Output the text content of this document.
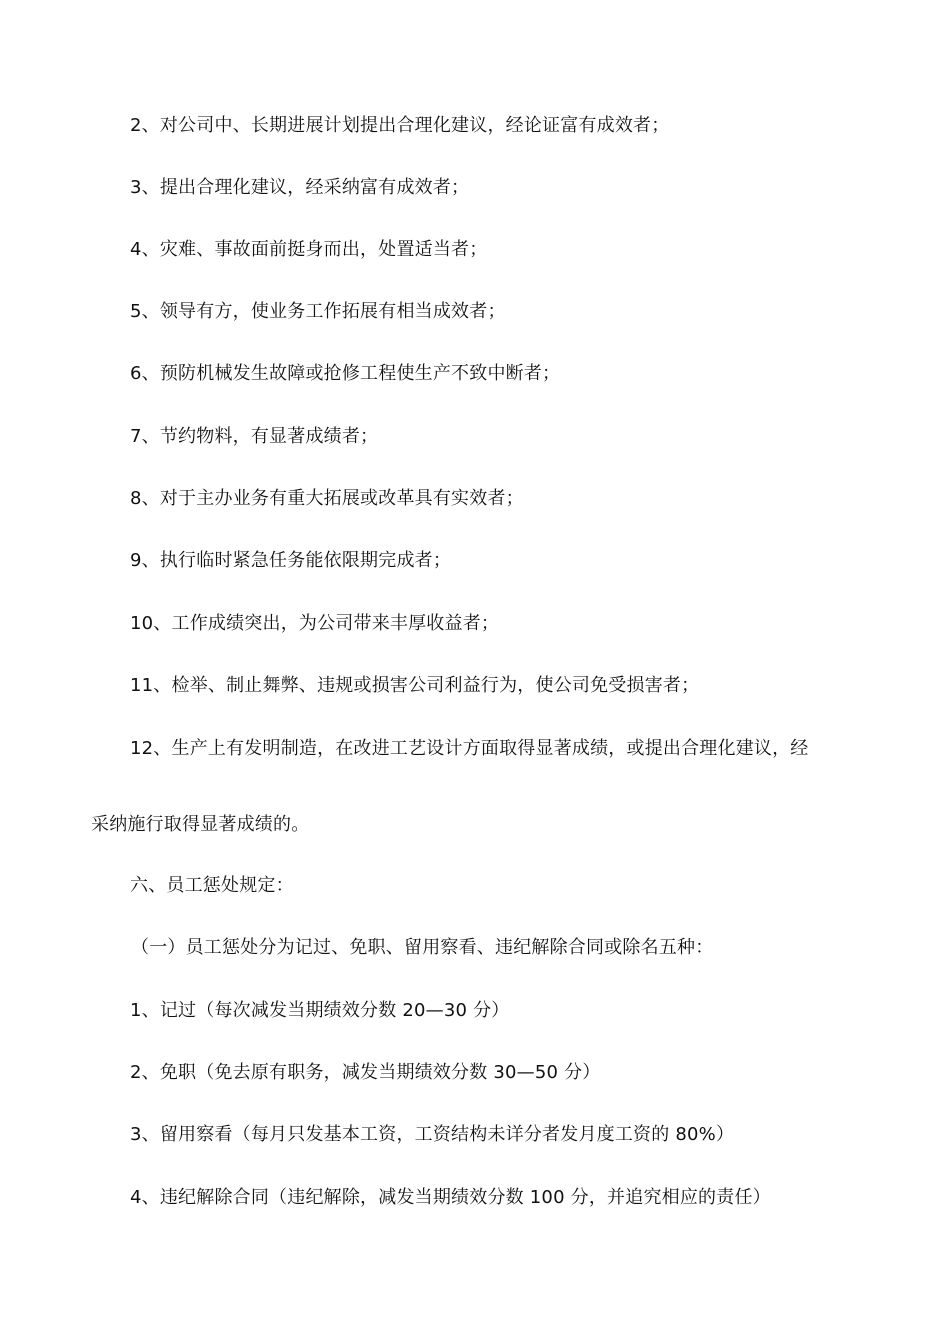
2、对公司中、长期进展计划提出合理化建议，经论证富有成效者；
3、提出合理化建议，经采纳富有成效者；
4、灾难、事故面前挺身而出，处置适当者；
5、领导有方，使业务工作拓展有相当成效者；
6、预防机械发生故障或抢修工程使生产不致中断者；
7、节约物料，有显著成绩者；
8、对于主办业务有重大拓展或改革具有实效者；
9、执行临时紧急任务能依限期完成者；
10、工作成绩突出，为公司带来丰厚收益者；
11、检举、制止舞弊、违规或损害公司利益行为，使公司免受损害者；
12、生产上有发明制造，在改进工艺设计方面取得显著成绩，或提出合理化建议，经
采纳施行取得显著成绩的。
六、员工惩处规定：
（一）员工惩处分为记过、免职、留用察看、违纪解除合同或除名五种：
1、记过（每次减发当期绩效分数 20—30 分）
2、免职（免去原有职务，减发当期绩效分数 30—50 分）
3、留用察看（每月只发基本工资，工资结构未详分者发月度工资的 80%）
4、违纪解除合同（违纪解除，减发当期绩效分数 100 分，并追究相应的责任）
